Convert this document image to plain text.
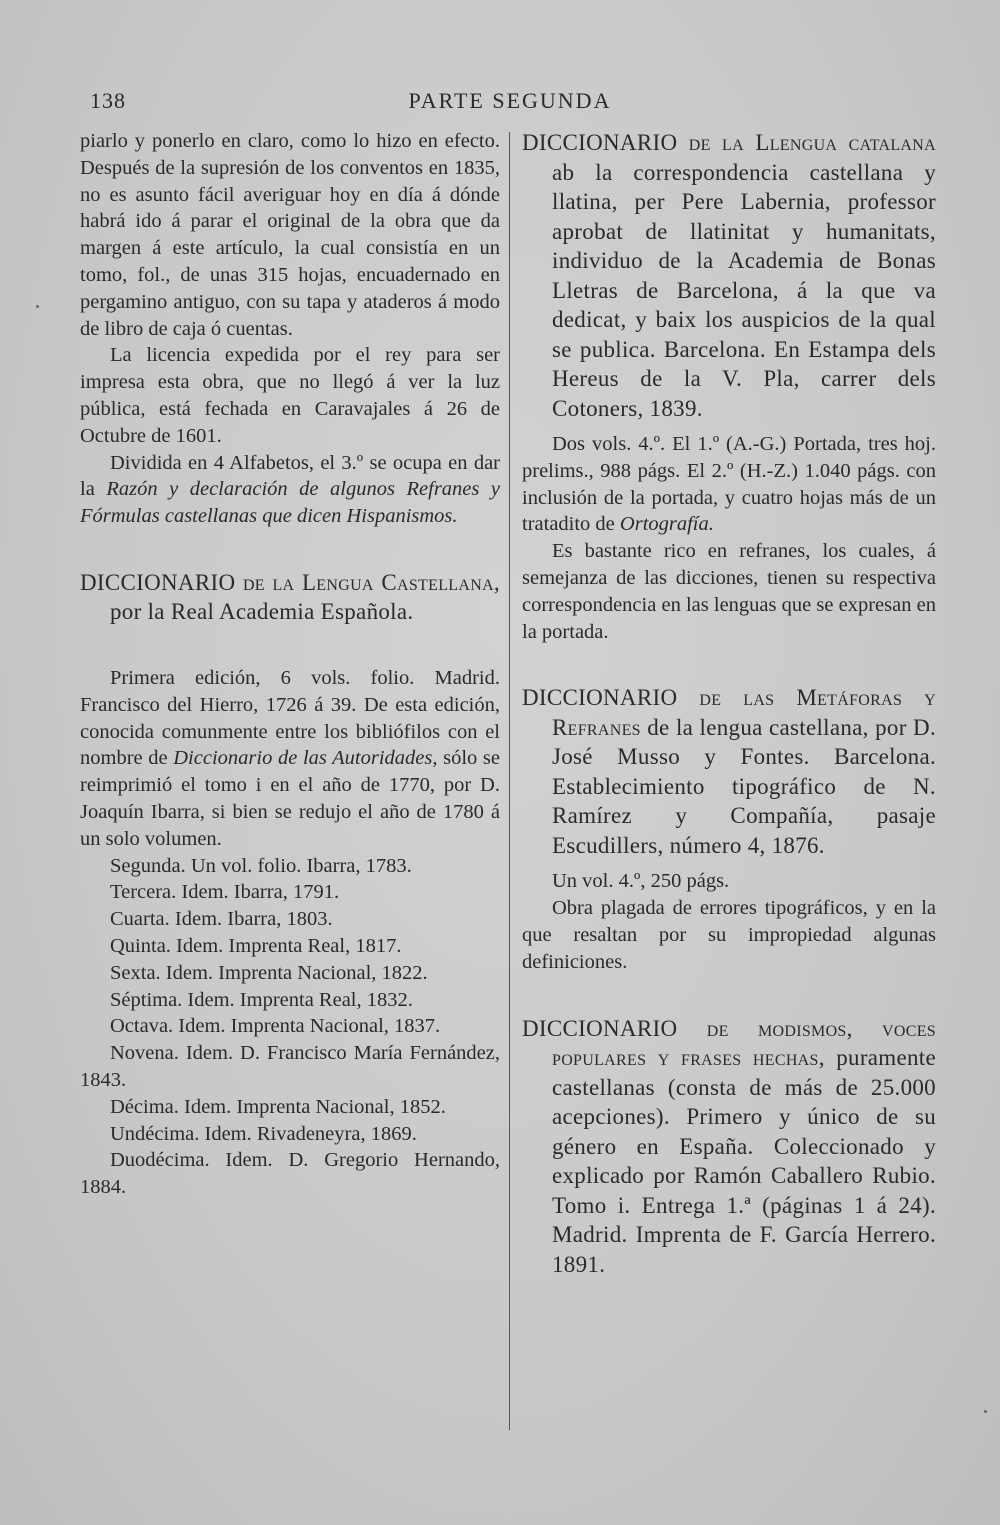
138	PARTE SEGUNDA

piarlo y ponerlo en claro, como lo hizo en efecto. Después de la supresión de los conventos en 1835, no es asunto fácil averiguar hoy en día á dónde habrá ido á parar el original de la obra que da margen á este artículo, la cual consistía en un tomo, fol., de unas 315 hojas, encuadernado en pergamino antiguo, con su tapa y ataderos á modo de libro de caja ó cuentas.

La licencia expedida por el rey para ser impresa esta obra, que no llegó á ver la luz pública, está fechada en Caravajales á 26 de Octubre de 1601.

Dividida en 4 Alfabetos, el 3.º se ocupa en dar la Razón y declaración de algunos Refranes y Fórmulas castellanas que dicen Hispanismos.

DICCIONARIO de la Lengua Castellana, por la Real Academia Española.

Primera edición, 6 vols. folio. Madrid. Francisco del Hierro, 1726 á 39. De esta edición, conocida comunmente entre los bibliófilos con el nombre de Diccionario de las Autoridades, sólo se reimprimió el tomo i en el año de 1770, por D. Joaquín Ibarra, si bien se redujo el año de 1780 á un solo volumen.

Segunda. Un vol. folio. Ibarra, 1783.

Tercera. Idem. Ibarra, 1791.

Cuarta. Idem. Ibarra, 1803.

Quinta. Idem. Imprenta Real, 1817.

Sexta. Idem. Imprenta Nacional, 1822.

Séptima. Idem. Imprenta Real, 1832.

Octava. Idem. Imprenta Nacional, 1837.

Novena. Idem. D. Francisco María Fernández, 1843.

Décima. Idem. Imprenta Nacional, 1852.

Undécima. Idem. Rivadeneyra, 1869.

Duodécima. Idem. D. Gregorio Hernando, 1884.

DICCIONARIO de la Llengua catalana ab la correspondencia castellana y llatina, per Pere Labernia, professor aprobat de llatinitat y humanitats, individuo de la Academia de Bonas Lletras de Barcelona, á la que va dedicat, y baix los auspicios de la qual se publica. Barcelona. En Estampa dels Hereus de la V. Pla, carrer dels Cotoners, 1839.

Dos vols. 4.º. El 1.º (A.-G.) Portada, tres hoj. prelims., 988 págs. El 2.º (H.-Z.) 1.040 págs. con inclusión de la portada, y cuatro hojas más de un tratadito de Ortografía.

Es bastante rico en refranes, los cuales, á semejanza de las dicciones, tienen su respectiva correspondencia en las lenguas que se expresan en la portada.

DICCIONARIO de las Metáforas y Refranes de la lengua castellana, por D. José Musso y Fontes. Barcelona. Establecimiento tipográfico de N. Ramírez y Compañía, pasaje Escudillers, número 4, 1876.

Un vol. 4.º, 250 págs.

Obra plagada de errores tipográficos, y en la que resaltan por su impropiedad algunas definiciones.

DICCIONARIO de modismos, voces populares y frases hechas, puramente castellanas (consta de más de 25.000 acepciones). Primero y único de su género en España. Coleccionado y explicado por Ramón Caballero Rubio. Tomo i. Entrega 1.ª (páginas 1 á 24). Madrid. Imprenta de F. García Herrero. 1891.
